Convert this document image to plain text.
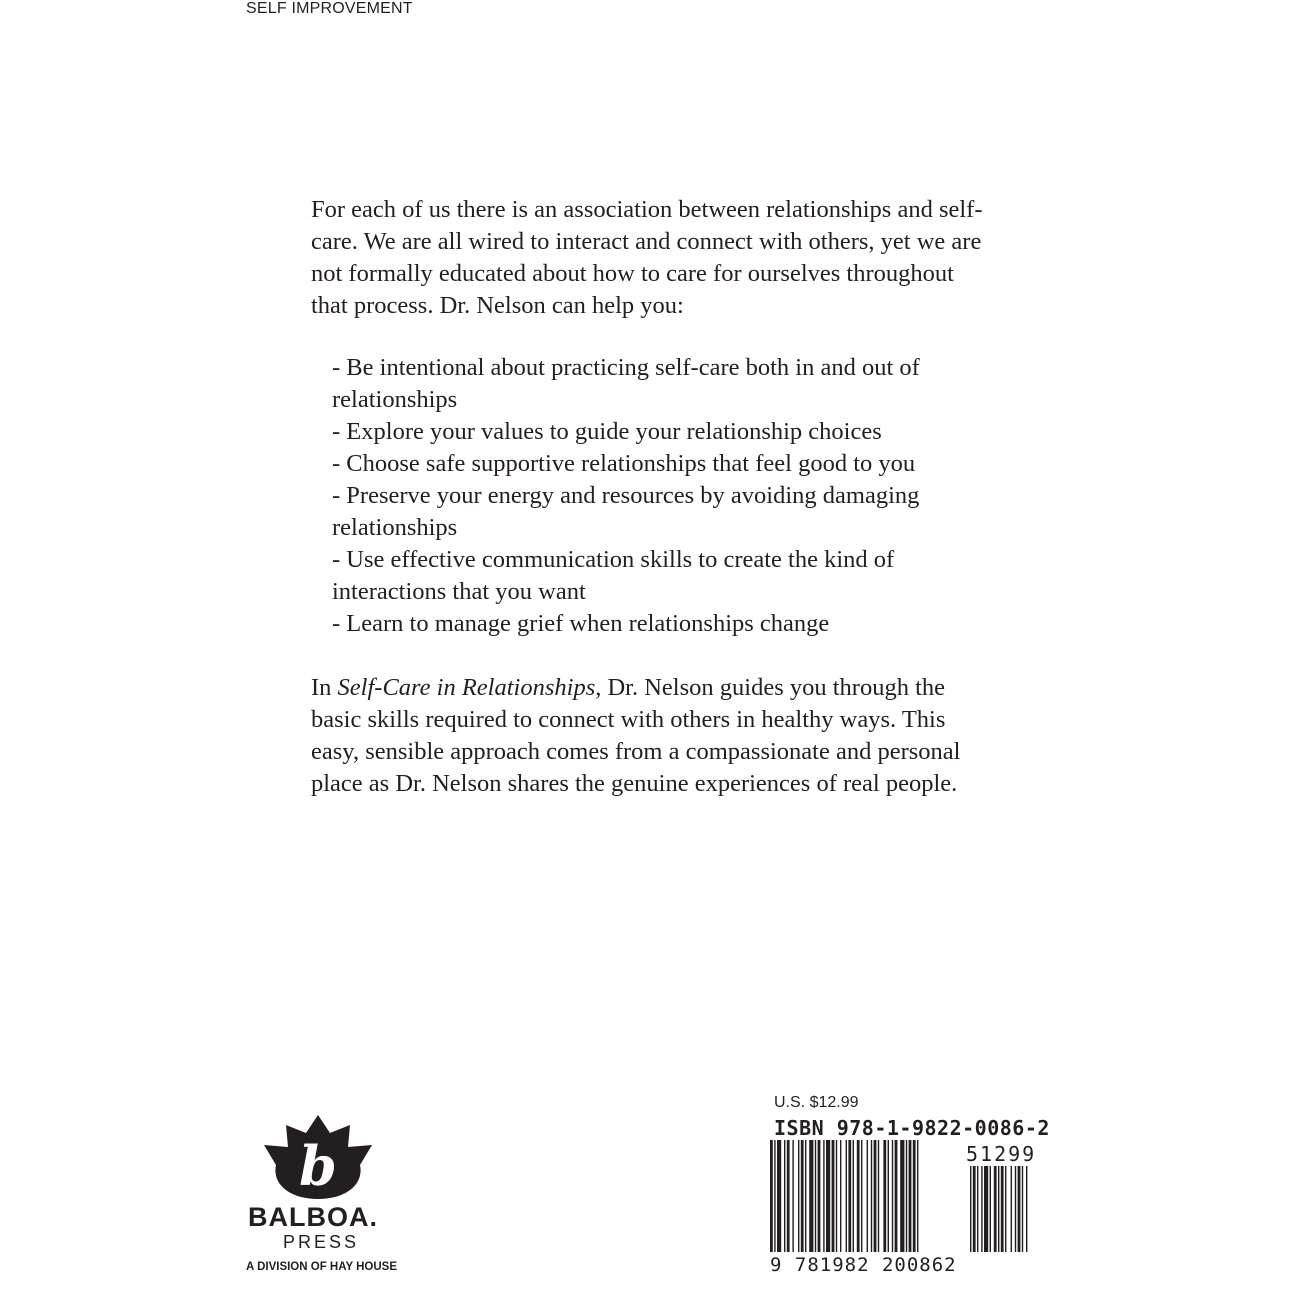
SELF IMPROVEMENT

For each of us there is an association between relationships and self-care. We are all wired to interact and connect with others, yet we are not formally educated about how to care for ourselves throughout that process. Dr. Nelson can help you:

- Be intentional about practicing self-care both in and out of relationships
- Explore your values to guide your relationship choices
- Choose safe supportive relationships that feel good to you
- Preserve your energy and resources by avoiding damaging relationships
- Use effective communication skills to create the kind of interactions that you want
- Learn to manage grief when relationships change

In Self-Care in Relationships, Dr. Nelson guides you through the basic skills required to connect with others in healthy ways. This easy, sensible approach comes from a compassionate and personal place as Dr. Nelson shares the genuine experiences of real people.

b
BALBOA.
PRESS
A DIVISION OF HAY HOUSE
U.S. $12.99
ISBN 978-1-9822-0086-2
51299
9 781982 200862
